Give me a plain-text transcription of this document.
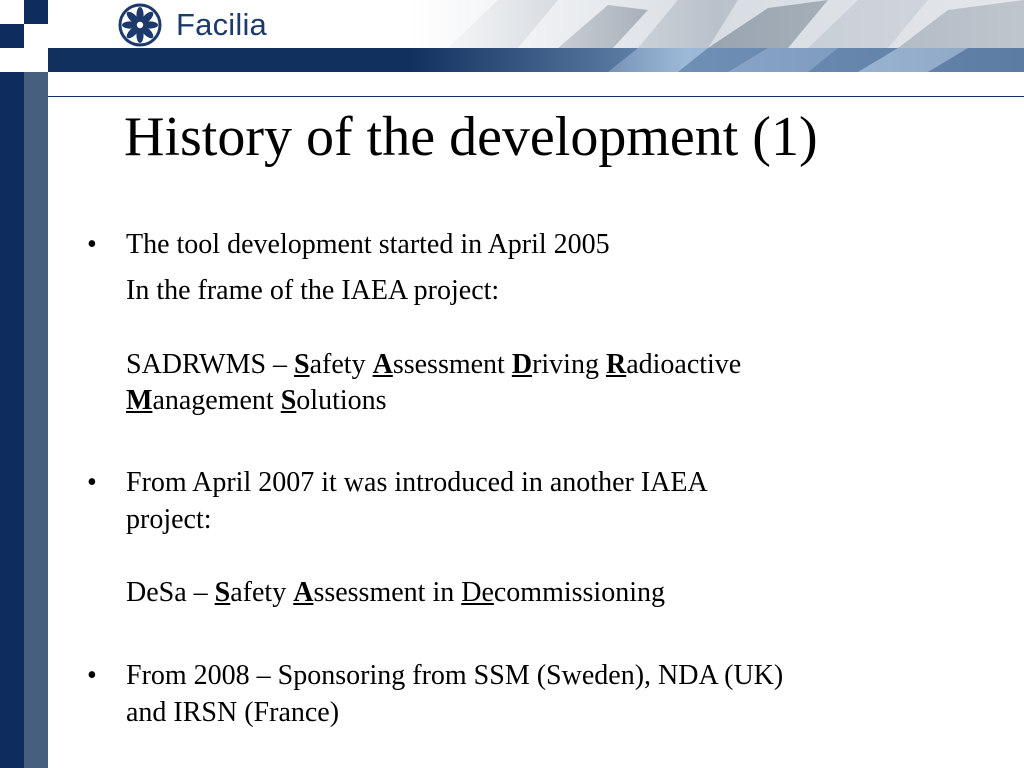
Facilia
History of the development (1)
• The tool development started in April 2005
In the frame of the IAEA project:
SADRWMS – Safety Assessment Driving Radioactive
Management Solutions
• From April 2007 it was introduced in another IAEA
project:
DeSa – Safety Assessment in Decommissioning
• From 2008 – Sponsoring from SSM (Sweden), NDA (UK)
and IRSN (France)
